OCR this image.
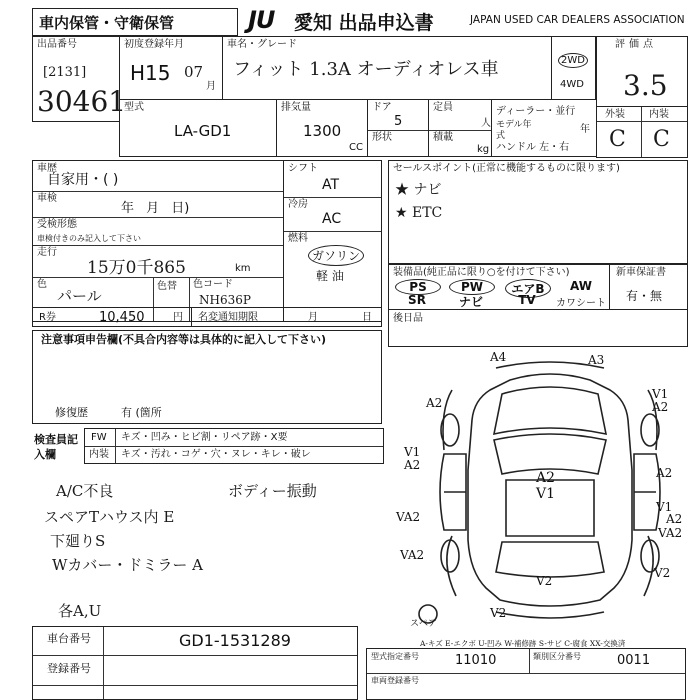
車内保管・守衛保管	JU 愛知 出品申込書	JAPAN USED CAR DEALERS ASSOCIATION
出品番号
[2131]
30461
初度登録年月
H15 07
月
車名・グレード
フィット 1.3A オーディオレス車	2WD
4WD
評価点
3.5
外装 内装
C C
型式
LA-GD1
排気量
1300
CC
ドア
5
形状
定員
人
積載
kg
ディーラー・並行
モデル年式
年
ハンドル 左・右
車歴
自家用・( )
車検
年 月 日)
受検形態
車検付きのみ記入して下さい
走行
15万0千865	km
色
パール
色替 色コード
NH636P
シフト
AT
冷房
AC
燃料
ガソリン
軽 油
セールスポイント(正常に機能するものに限ります)
★ ナビ
★ ETC
装備品(純正品に限り○を付けて下さい)
PS	PW	エアB	AW
SR	ナビ	TV	カワシート
新車保証書
有・無
R券	10,450	円 名変通知期限	月	日 後日品
注意事項申告欄(不具合内容等は具体的に記入して下さい)
修復歴	有 (箇所
検査員記入欄
FW キズ・凹み・ヒビ割・リペア跡・X要
内装 キズ・汚れ・コゲ・穴・ヌレ・キレ・破レ
A/C不良	ボディー振動
スペアTハウス内 E
下廻りS
Wカバー・ドミラー A
各A,U
A4	A3
A2
V1 A2
V1 A2
A2 V1
VA2
VA2
V2
V2
V2
スペア
A2
V1
A2
VA2
A-キズ E-エクボ U-凹み W-補修跡 S-サビ C-腐食 XX-交換済
車台番号	GD1-1531289
登録番号
型式指定番号	11010	類別区分番号	0011
車両登録番号
